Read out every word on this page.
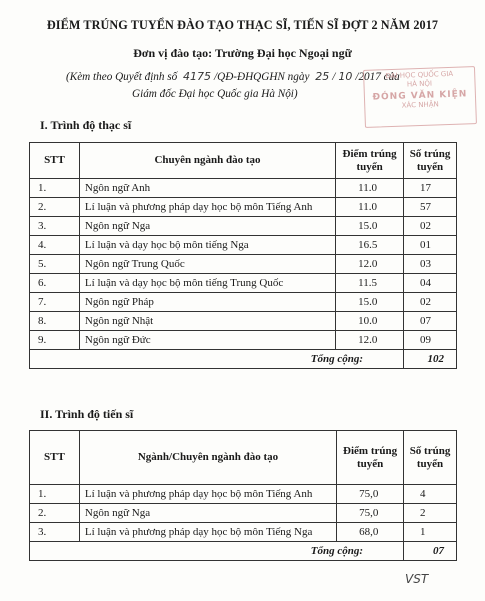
ĐIỂM TRÚNG TUYỂN ĐÀO TẠO THẠC SĨ, TIẾN SĨ ĐỢT 2 NĂM 2017
Đơn vị đào tạo: Trường Đại học Ngoại ngữ
(Kèm theo Quyết định số 4175 /QĐ-ĐHQGHN ngày 25 / 10 /2017 của
Giám đốc Đại học Quốc gia Hà Nội)
ĐẠI HỌC QUỐC GIA
HÀ NỘI
ĐÓNG VĂN KIỆN
XÁC NHẬN
I. Trình độ thạc sĩ
STT	Chuyên ngành đào tạo	Điểm trúng tuyển	Số trúng tuyển
1.	Ngôn ngữ Anh	11.0	17
2.	Lí luận và phương pháp dạy học bộ môn Tiếng Anh	11.0	57
3.	Ngôn ngữ Nga	15.0	02
4.	Lí luận và dạy học bộ môn tiếng Nga	16.5	01
5.	Ngôn ngữ Trung Quốc	12.0	03
6.	Lí luận và dạy học bộ môn tiếng Trung Quốc	11.5	04
7.	Ngôn ngữ Pháp	15.0	02
8.	Ngôn ngữ Nhật	10.0	07
9.	Ngôn ngữ Đức	12.0	09
Tổng cộng:			102
II. Trình độ tiến sĩ
STT	Ngành/Chuyên ngành đào tạo	Điểm trúng tuyển	Số trúng tuyển
1.	Lí luận và phương pháp dạy học bộ môn Tiếng Anh	75,0	4
2.	Ngôn ngữ Nga	75,0	2
3.	Lí luận và phương pháp dạy học bộ môn Tiếng Nga	68,0	1
Tổng cộng:			07
VST
